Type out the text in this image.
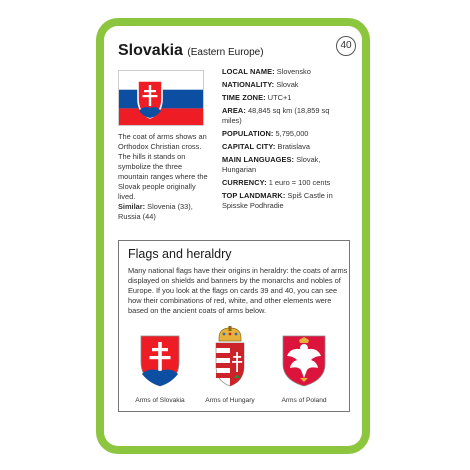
40
Slovakia (Eastern Europe)
The coat of arms shows an Orthodox Christian cross. The hills it stands on symbolize the three mountain ranges where the Slovak people originally lived.
Similar: Slovenia (33), Russia (44)
LOCAL NAME: Slovensko
NATIONALITY: Slovak
TIME ZONE: UTC+1
AREA: 48,845 sq km (18,859 sq miles)
POPULATION: 5,795,000
CAPITAL CITY: Bratislava
MAIN LANGUAGES: Slovak, Hungarian
CURRENCY: 1 euro = 100 cents
TOP LANDMARK: Spiš Castle in Spisske Podhradie
Flags and heraldry
Many national flags have their origins in heraldry: the coats of arms displayed on shields and banners by the monarchs and nobles of Europe. If you look at the flags on cards 39 and 40, you can see how their combinations of red, white, and other elements were based on the ancient coats of arms below.
Arms of Slovakia	Arms of Hungary	Arms of Poland
